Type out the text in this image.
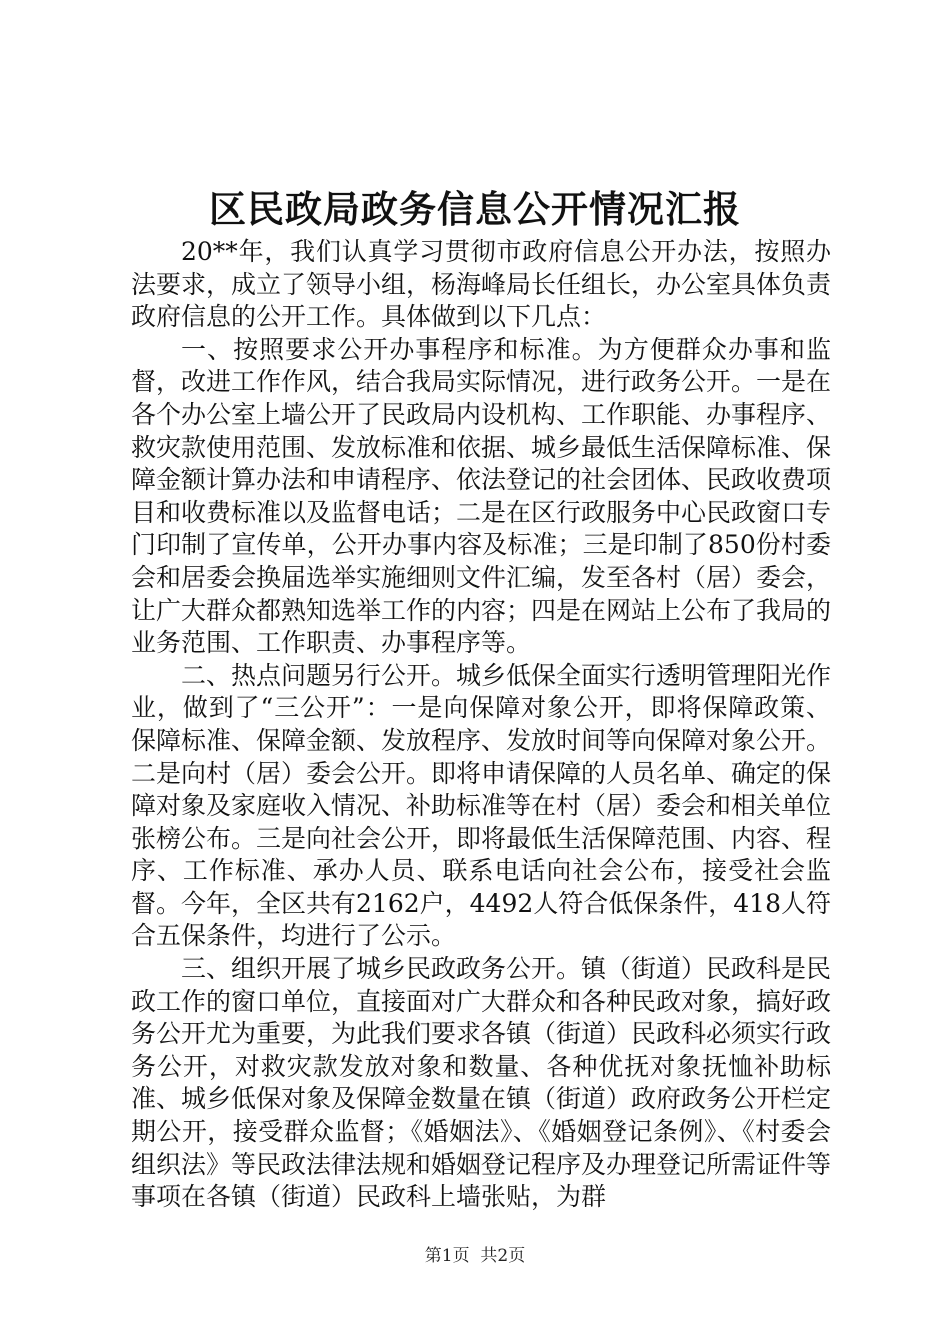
区民政局政务信息公开情况汇报

20**年，我们认真学习贯彻市政府信息公开办法，按照办法要求，成立了领导小组，杨海峰局长任组长，办公室具体负责政府信息的公开工作。具体做到以下几点：

一、按照要求公开办事程序和标准。为方便群众办事和监督，改进工作作风，结合我局实际情况，进行政务公开。一是在各个办公室上墙公开了民政局内设机构、工作职能、办事程序、救灾款使用范围、发放标准和依据、城乡最低生活保障标准、保障金额计算办法和申请程序、依法登记的社会团体、民政收费项目和收费标准以及监督电话；二是在区行政服务中心民政窗口专门印制了宣传单，公开办事内容及标准；三是印制了850份村委会和居委会换届选举实施细则文件汇编，发至各村（居）委会，让广大群众都熟知选举工作的内容；四是在网站上公布了我局的业务范围、工作职责、办事程序等。

二、热点问题另行公开。城乡低保全面实行透明管理阳光作业，做到了“三公开”：一是向保障对象公开，即将保障政策、保障标准、保障金额、发放程序、发放时间等向保障对象公开。二是向村（居）委会公开。即将申请保障的人员名单、确定的保障对象及家庭收入情况、补助标准等在村（居）委会和相关单位张榜公布。三是向社会公开，即将最低生活保障范围、内容、程序、工作标准、承办人员、联系电话向社会公布，接受社会监督。今年，全区共有2162户，4492人符合低保条件，418人符合五保条件，均进行了公示。

三、组织开展了城乡民政政务公开。镇（街道）民政科是民政工作的窗口单位，直接面对广大群众和各种民政对象，搞好政务公开尤为重要，为此我们要求各镇（街道）民政科必须实行政务公开，对救灾款发放对象和数量、各种优抚对象抚恤补助标准、城乡低保对象及保障金数量在镇（街道）政府政务公开栏定期公开，接受群众监督；《婚姻法》、《婚姻登记条例》、《村委会组织法》等民政法律法规和婚姻登记程序及办理登记所需证件等事项在各镇（街道）民政科上墙张贴，为群

第1页 共2页
